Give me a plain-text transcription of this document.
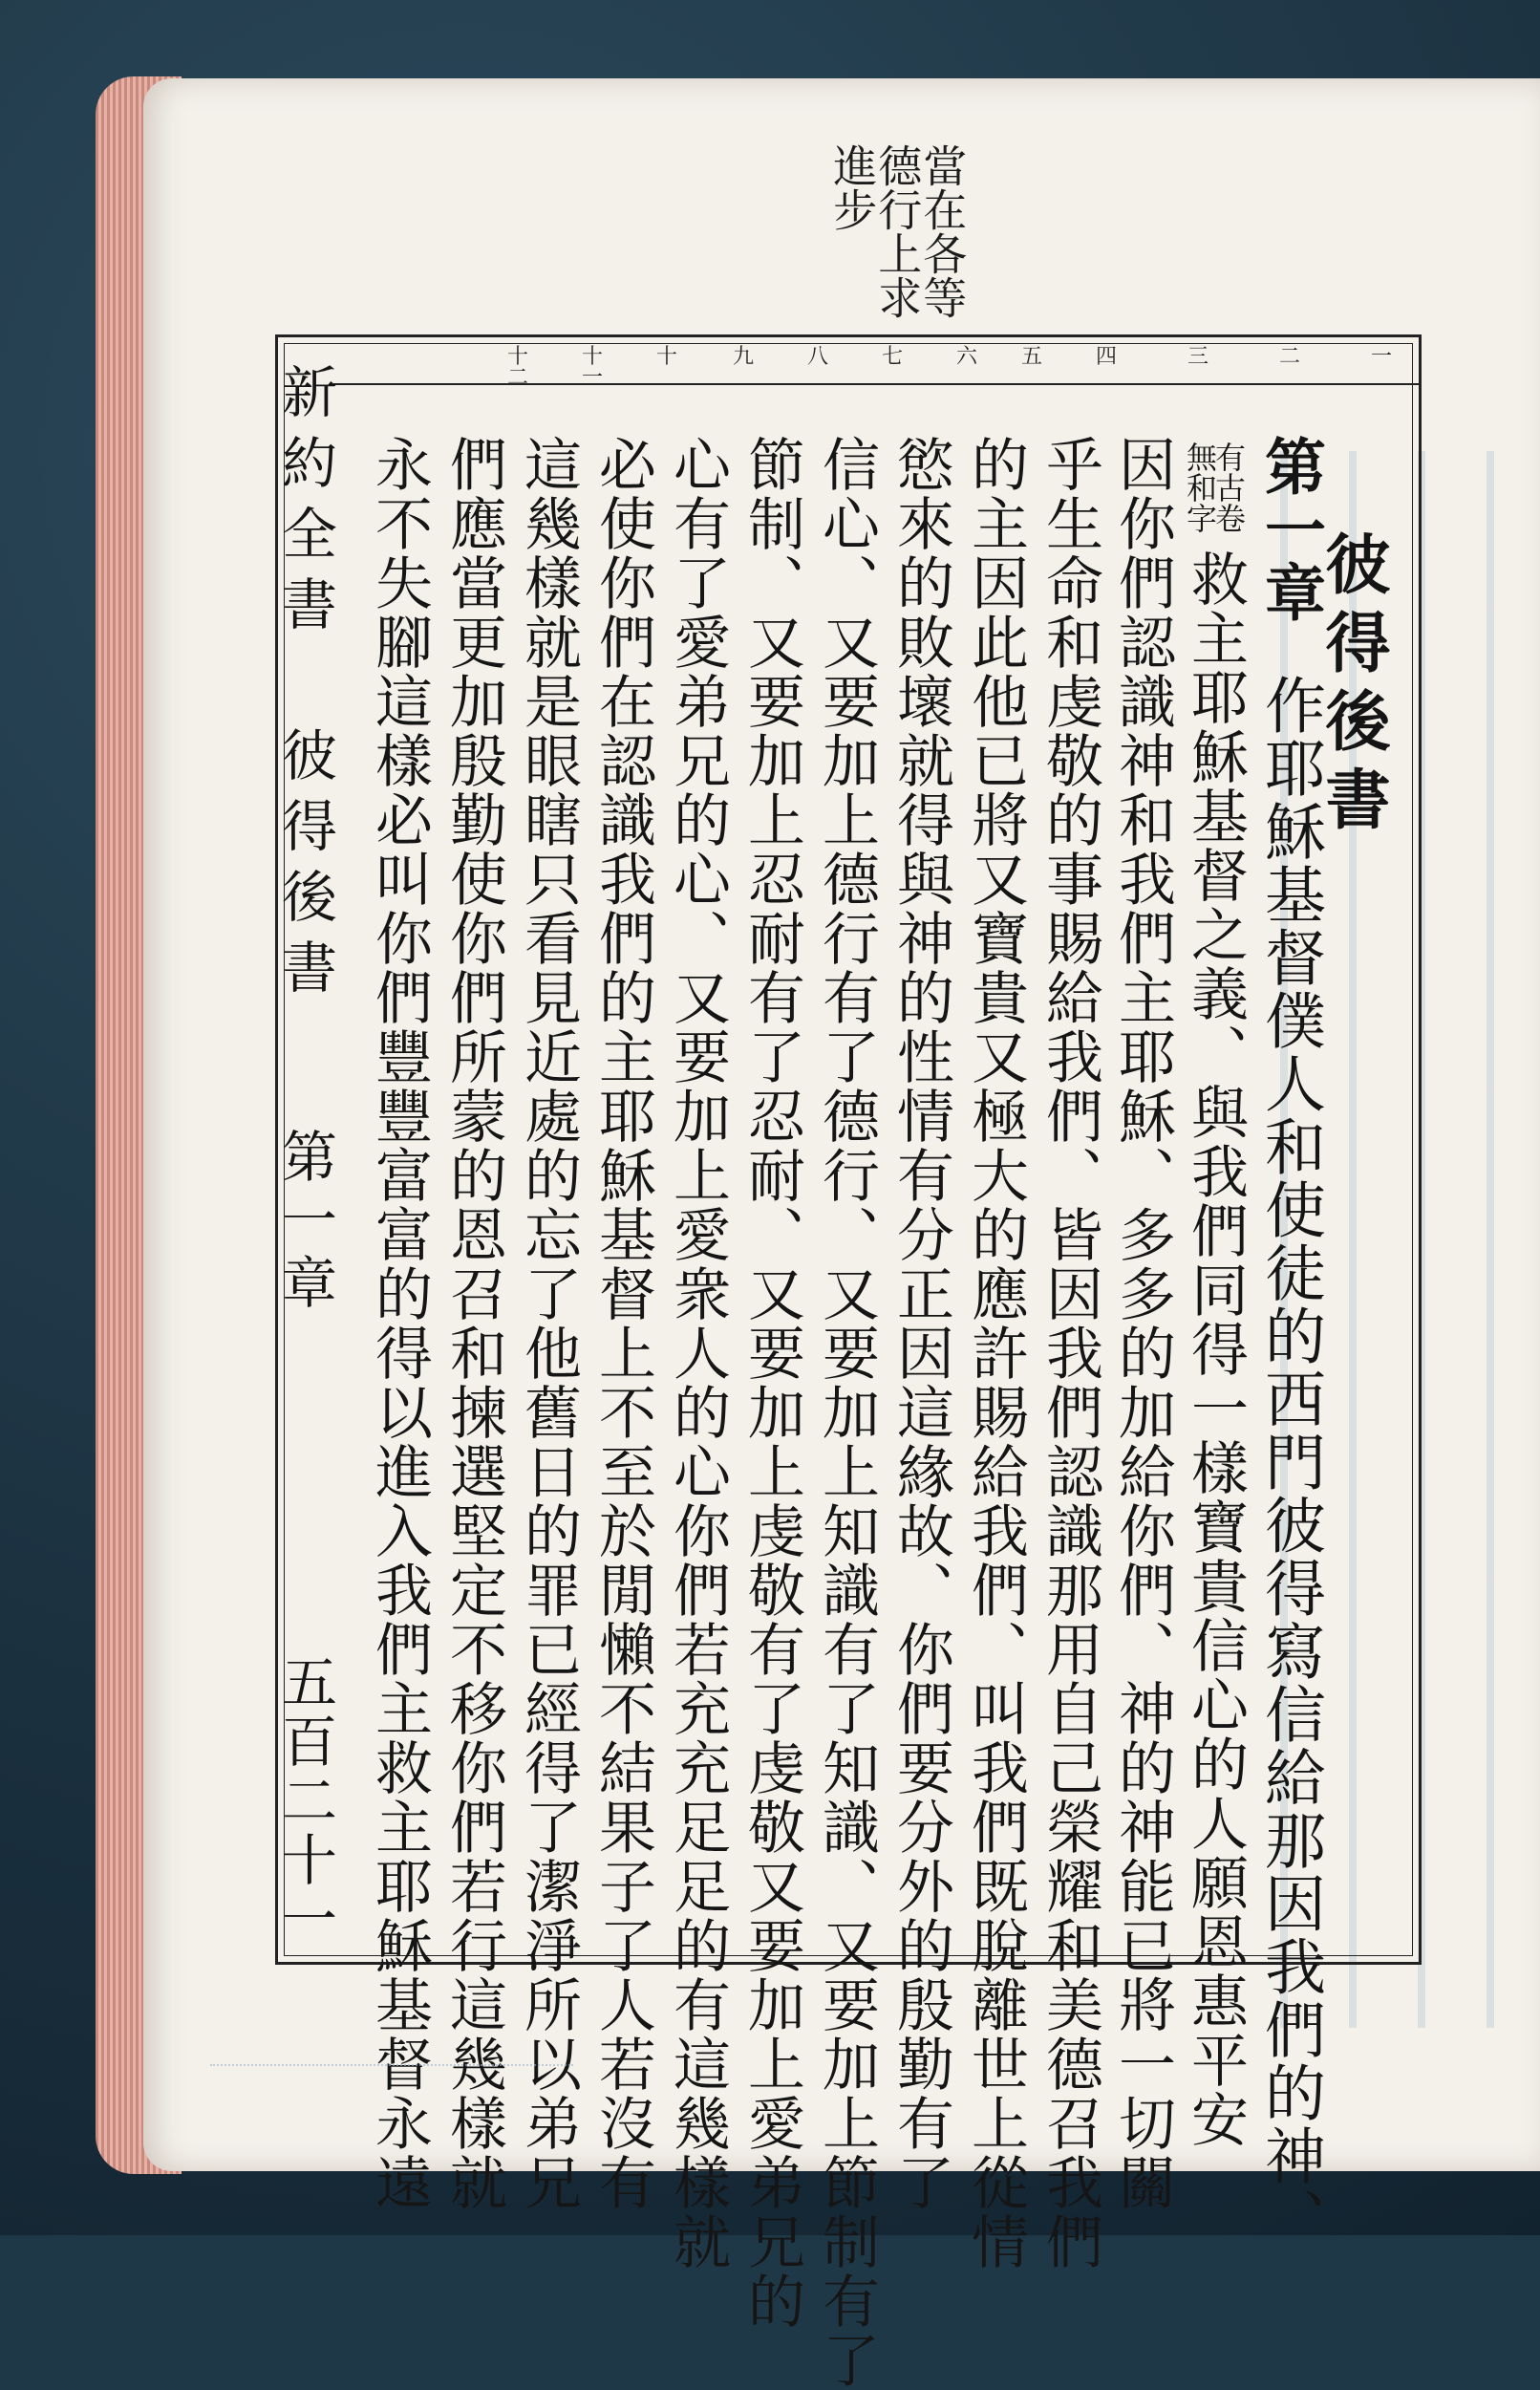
進步
德行上求
當在各等
一
二
三
四
五
六
七
八
九
十
十一
十二
彼得後書
第一章
作耶穌基督僕人和使徒的西門彼得寫信給那因我們的神、
有古卷
無和字
救主耶穌基督之義、與我們同得一樣寶貴信心的人願恩惠平安
因你們認識神和我們主耶穌、多多的加給你們、神的神能已將一切關
乎生命和虔敬的事賜給我們、皆因我們認識那用自己榮耀和美德召我們
的主因此他已將又寶貴又極大的應許賜給我們、叫我們既脫離世上從情
慾來的敗壞就得與神的性情有分正因這緣故、你們要分外的殷勤有了
信心、又要加上德行有了德行、又要加上知識有了知識、又要加上節制有了
節制、又要加上忍耐有了忍耐、又要加上虔敬有了虔敬又要加上愛弟兄的
心有了愛弟兄的心、又要加上愛衆人的心你們若充充足足的有這幾樣就
必使你們在認識我們的主耶穌基督上不至於閒懶不結果子了人若沒有
這幾樣就是眼瞎只看見近處的忘了他舊日的罪已經得了潔淨所以弟兄
們應當更加殷勤使你們所蒙的恩召和揀選堅定不移你們若行這幾樣就
永不失腳這樣必叫你們豐豐富富的得以進入我們主救主耶穌基督永遠
新約全書
彼得後書
第一章
五百二十一
